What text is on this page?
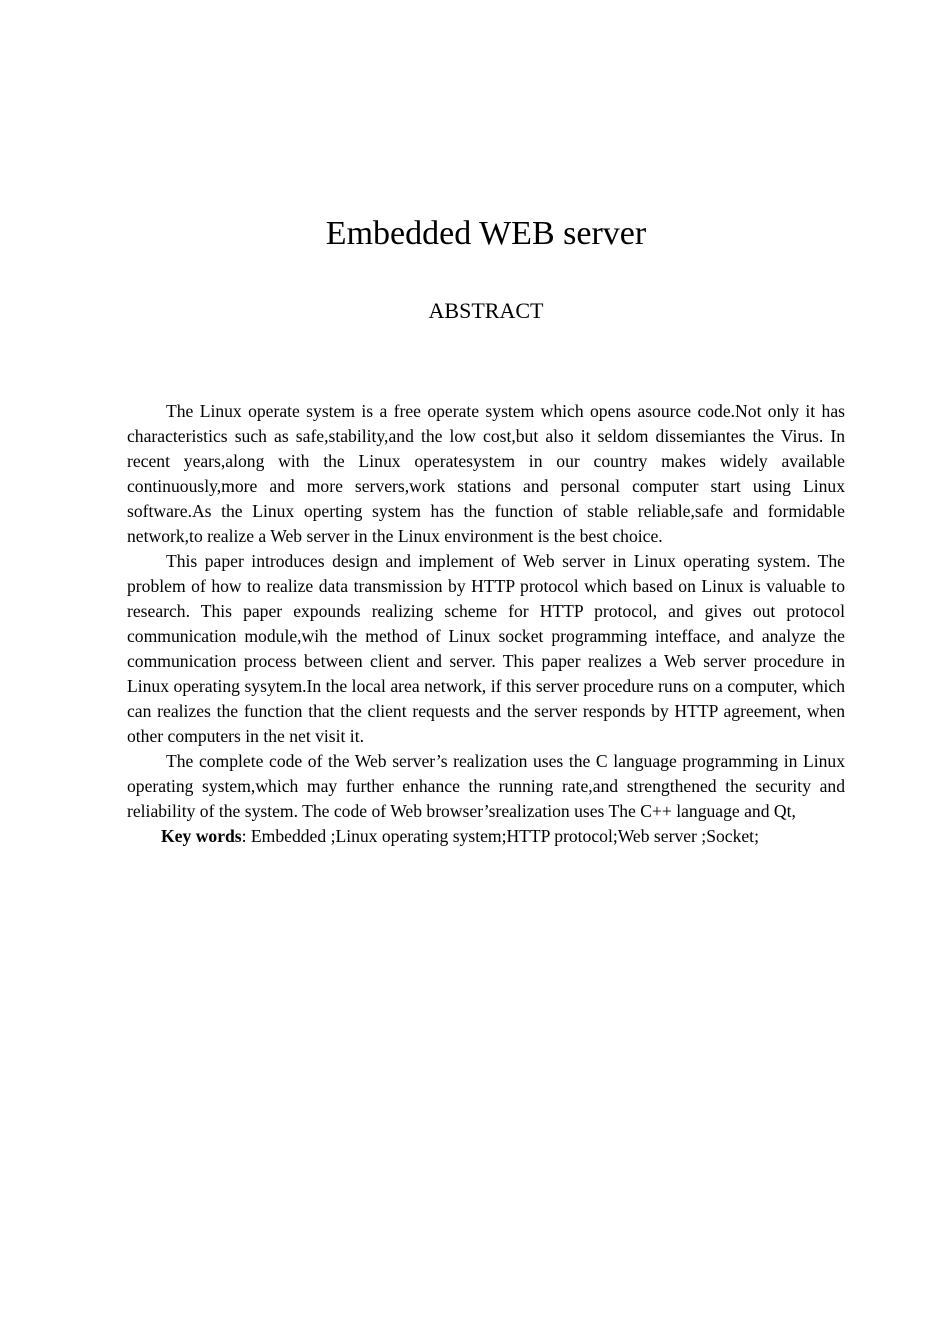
Embedded WEB server
ABSTRACT

The Linux operate system is a free operate system which opens asource code.Not only it has characteristics such as safe,stability,and the low cost,but also it seldom dissemiantes the Virus. In recent years,along with the Linux operatesystem in our country makes widely available continuously,more and more servers,work stations and personal computer start using Linux software.As the Linux operting system has the function of stable reliable,safe and formidable network,to realize a Web server in the Linux environment is the best choice.

This paper introduces design and implement of Web server in Linux operating system. The problem of how to realize data transmission by HTTP protocol which based on Linux is valuable to research. This paper expounds realizing scheme for HTTP protocol, and gives out protocol communication module,wih the method of Linux socket programming intefface, and analyze the communication process between client and server. This paper realizes a Web server procedure in Linux operating sysytem.In the local area network, if this server procedure runs on a computer, which can realizes the function that the client requests and the server responds by HTTP agreement, when other computers in the net visit it.

The complete code of the Web server’s realization uses the C language programming in Linux operating system,which may further enhance the running rate,and strengthened the security and reliability of the system. The code of Web browser’srealization uses The C++ language and Qt,

Key words: Embedded ;Linux operating system;HTTP protocol;Web server ;Socket;
